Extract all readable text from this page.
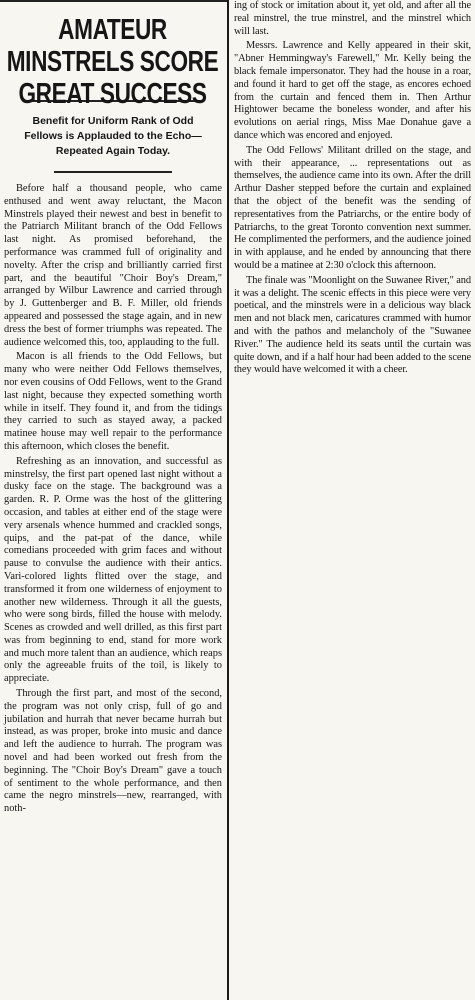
AMATEUR MINSTRELS SCORE GREAT SUCCESS
Benefit for Uniform Rank of Odd Fellows is Applauded to the Echo—Repeated Again Today.

Before half a thousand people, who came enthused and went away reluctant, the Macon Minstrels played their newest and best in benefit to the Patriarch Militant branch of the Odd Fellows last night. As promised beforehand, the performance was crammed full of originality and novelty. After the crisp and brilliantly carried first part, and the beautiful "Choir Boy's Dream," arranged by Wilbur Lawrence and carried through by J. Guttenberger and B. F. Miller, old friends appeared and possessed the stage again, and in new dress the best of former triumphs was repeated. The audience welcomed this, too, applauding to the full.

Macon is all friends to the Odd Fellows, but many who were neither Odd Fellows themselves, nor even cousins of Odd Fellows, went to the Grand last night, because they expected something worth while in itself. They found it, and from the tidings they carried to such as stayed away, a packed matinee house may well repair to the performance this afternoon, which closes the benefit.

Refreshing as an innovation, and successful as minstrelsy, the first part opened last night without a dusky face on the stage. The background was a garden. R. P. Orme was the host of the glittering occasion, and tables at either end of the stage were very arsenals whence hummed and crackled songs, quips, and the pat-pat of the dance, while comedians proceeded with grim faces and without pause to convulse the audience with their antics. Vari-colored lights flitted over the stage, and transformed it from one wilderness of enjoyment to another new wilderness. Through it all the guests, who were song birds, filled the house with melody. Scenes as crowded and well drilled, as this first part was from beginning to end, stand for more work and much more talent than an audience, which reaps only the agreeable fruits of the toil, is likely to appreciate.

Through the first part, and most of the second, the program was not only crisp, full of go and jubilation and hurrah that never became hurrah but instead, as was proper, broke into music and dance and left the audience to hurrah. The program was novel and had been worked out fresh from the beginning. The "Choir Boy's Dream" gave a touch of sentiment to the whole performance, and then came the negro minstrels—new, rearranged, with noth-

ing of stock or imitation about it, yet old, and after all the real minstrel, the true minstrel, and the minstrel which will last.

Messrs. Lawrence and Kelly appeared in their skit, "Abner Hemmingway's Farewell," Mr. Kelly being the black female impersonator. They had the house in a roar, and found it hard to get off the stage, as encores echoed from the curtain and fenced them in. Then Arthur Hightower became the boneless wonder, and after his evolutions on aerial rings, Miss Mae Donahue gave a dance which was encored and enjoyed.

The Odd Fellows' Militant drilled on the stage, and with their appearance, ... representations out as themselves, the audience came into its own. After the drill Arthur Dasher stepped before the curtain and explained that the object of the benefit was the sending of representatives from the Patriarchs, or the entire body of Patriarchs, to the great Toronto convention next summer. He complimented the performers, and the audience joined in with applause, and he ended by announcing that there would be a matinee at 2:30 o'clock this afternoon.

The finale was "Moonlight on the Suwanee River," and it was a delight. The scenic effects in this piece were very poetical, and the minstrels were in a delicious way black men and not black men, caricatures crammed with humor and with the pathos and melancholy of the "Suwanee River." The audience held its seats until the curtain was quite down, and if a half hour had been added to the scene they would have welcomed it with a cheer.
